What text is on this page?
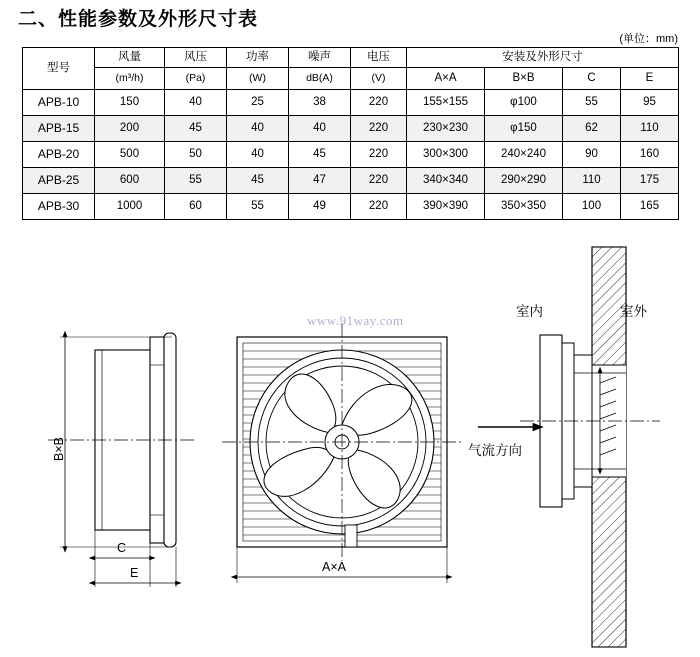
二、性能参数及外形尺寸表
(单位：mm)
型号	风量	风压	功率	噪声	电压	安装及外形尺寸			
	(m³/h)	(Pa)	(W)	dB(A)	(V)	A×A	B×B	C	E
APB-10	150	40	25	38	220	155×155	φ100	55	95
APB-15	200	45	40	40	220	230×230	φ150	62	110
APB-20	500	50	40	45	220	300×300	240×240	90	160
APB-25	600	55	45	47	220	340×340	290×290	110	175
APB-30	1000	60	55	49	220	390×390	350×350	100	165
www.91way.com
B×B
C
E	A×A
气流方向
室内	室外
